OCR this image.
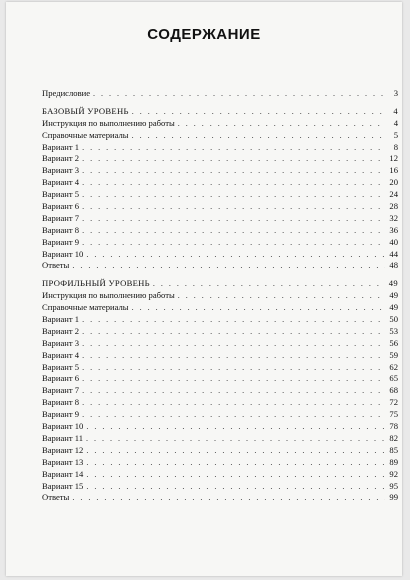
СОДЕРЖАНИЕ
Предисловие . . .	3
БАЗОВЫЙ УРОВЕНЬ . . .	4
Инструкция по выполнению работы . . .	4
Справочные материалы . . .	5
Вариант 1 . . .	8
Вариант 2 . . .	12
Вариант 3 . . .	16
Вариант 4 . . .	20
Вариант 5 . . .	24
Вариант 6 . . .	28
Вариант 7 . . .	32
Вариант 8 . . .	36
Вариант 9 . . .	40
Вариант 10 . . .	44
Ответы . . .	48
ПРОФИЛЬНЫЙ УРОВЕНЬ . . .	49
Инструкция по выполнению работы . . .	49
Справочные материалы . . .	49
Вариант 1 . . .	50
Вариант 2 . . .	53
Вариант 3 . . .	56
Вариант 4 . . .	59
Вариант 5 . . .	62
Вариант 6 . . .	65
Вариант 7 . . .	68
Вариант 8 . . .	72
Вариант 9 . . .	75
Вариант 10 . . .	78
Вариант 11 . . .	82
Вариант 12 . . .	85
Вариант 13 . . .	89
Вариант 14 . . .	92
Вариант 15 . . .	95
Ответы . . .	99
